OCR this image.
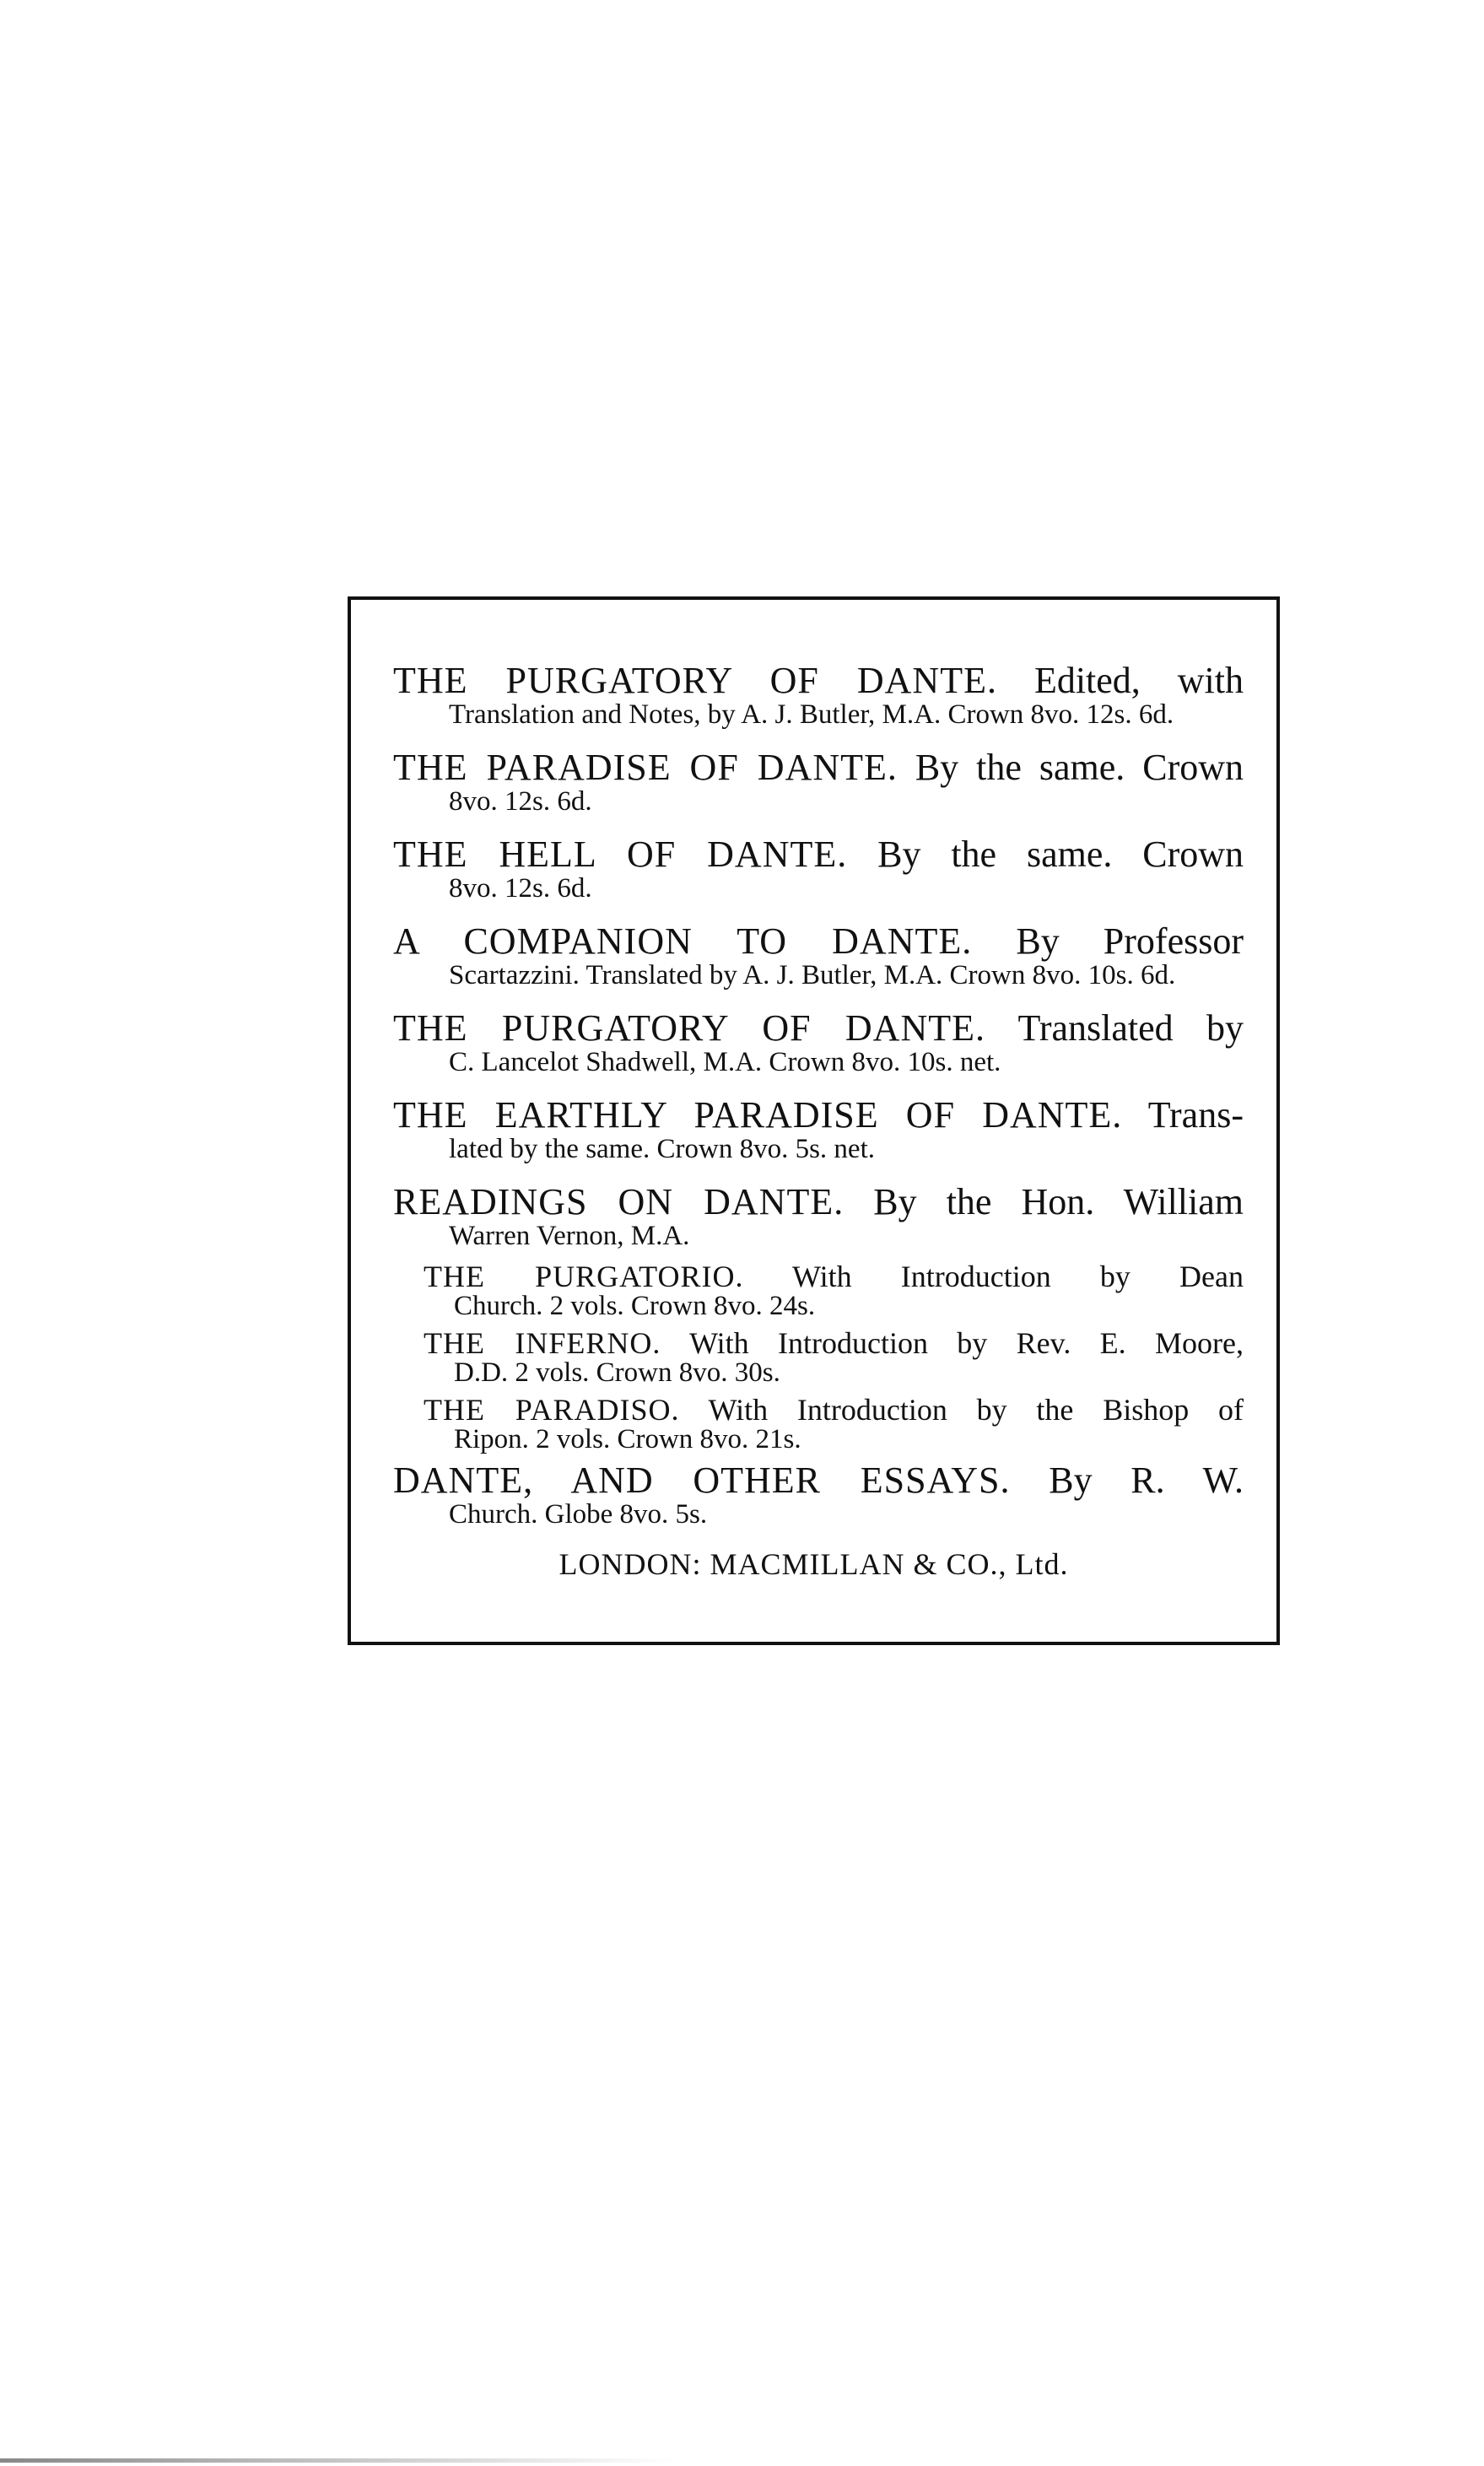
THE PURGATORY OF DANTE. Edited, with

Translation and Notes, by A. J. Butler, M.A. Crown 8vo. 12s. 6d.

THE PARADISE OF DANTE. By the same. Crown

8vo. 12s. 6d.

THE HELL OF DANTE. By the same. Crown

8vo. 12s. 6d.

A COMPANION TO DANTE. By Professor

Scartazzini. Translated by A. J. Butler, M.A. Crown 8vo. 10s. 6d.

THE PURGATORY OF DANTE. Translated by

C. Lancelot Shadwell, M.A. Crown 8vo. 10s. net.

THE EARTHLY PARADISE OF DANTE. Trans-

lated by the same. Crown 8vo. 5s. net.

READINGS ON DANTE. By the Hon. William

Warren Vernon, M.A.

THE PURGATORIO. With Introduction by Dean

Church. 2 vols. Crown 8vo. 24s.

THE INFERNO. With Introduction by Rev. E. Moore,

D.D. 2 vols. Crown 8vo. 30s.

THE PARADISO. With Introduction by the Bishop of

Ripon. 2 vols. Crown 8vo. 21s.

DANTE, AND OTHER ESSAYS. By R. W.

Church. Globe 8vo. 5s.

LONDON: MACMILLAN & CO., Ltd.
